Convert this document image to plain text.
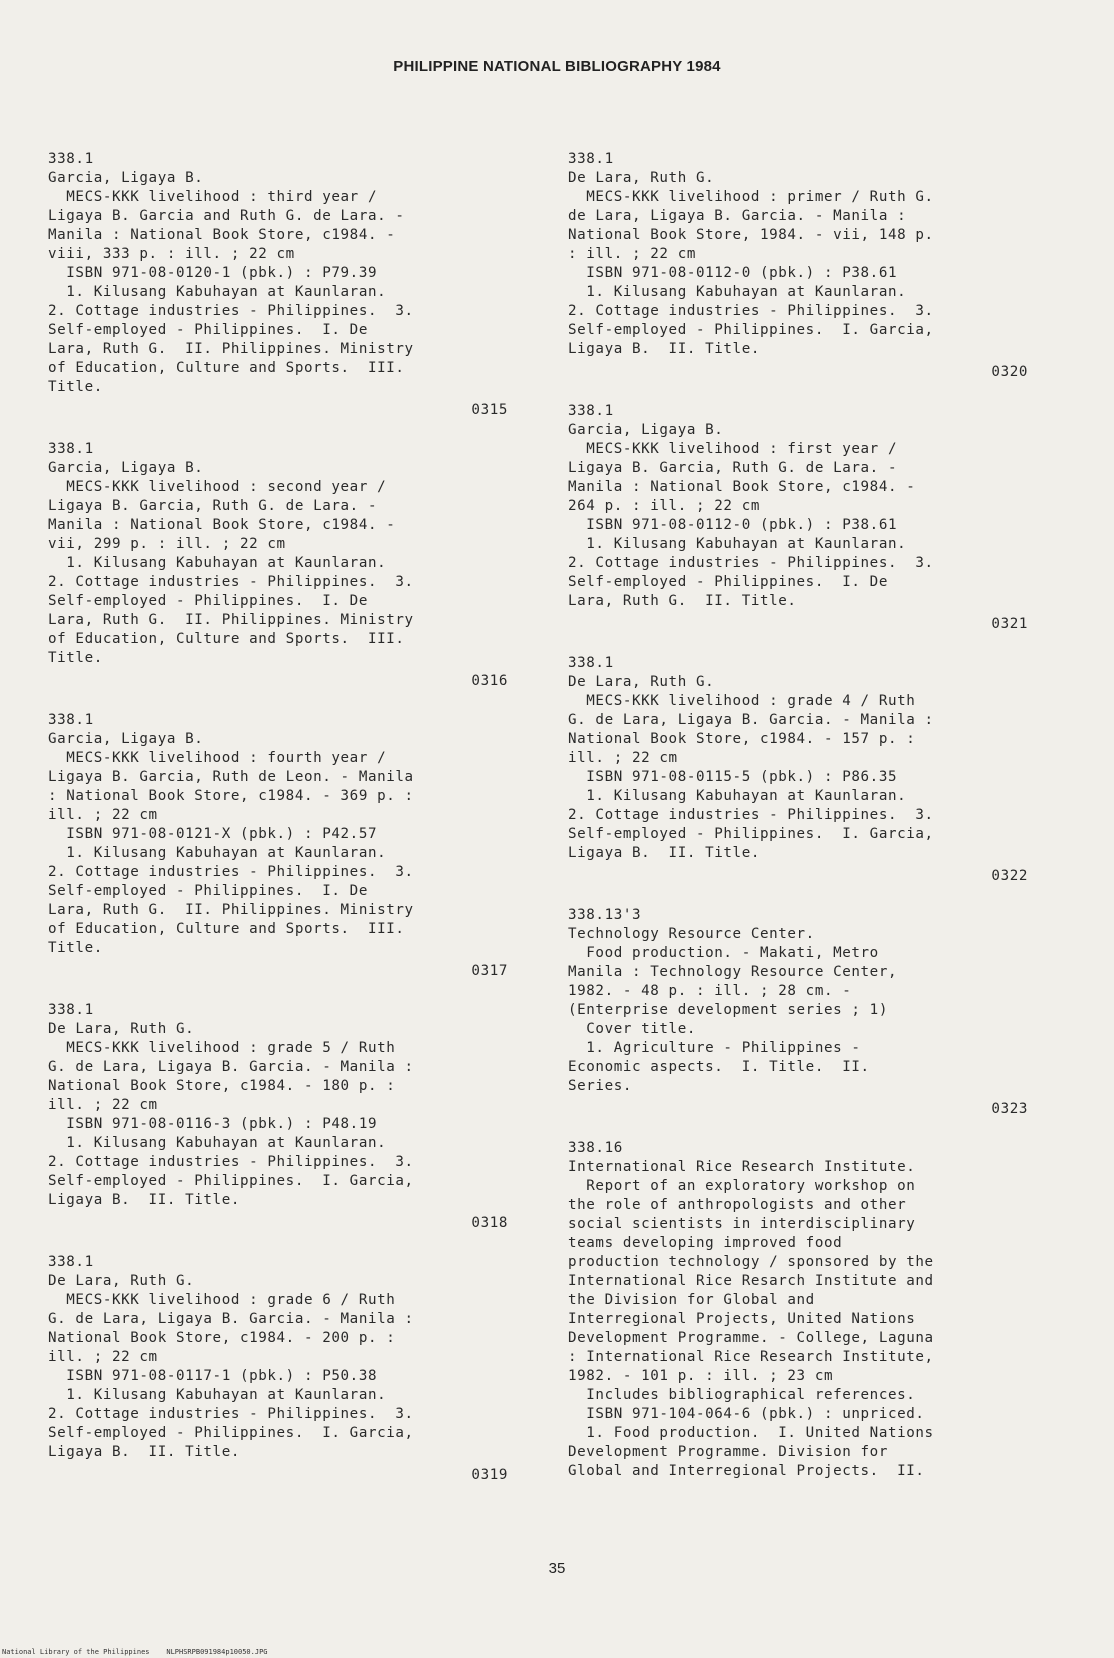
PHILIPPINE NATIONAL BIBLIOGRAPHY 1984
338.1
Garcia, Ligaya B.
MECS-KKK livelihood : third year /
Ligaya B. Garcia and Ruth G. de Lara. -
Manila : National Book Store, c1984. -
viii, 333 p. : ill. ; 22 cm
ISBN 971-08-0120-1 (pbk.) : P79.39
1. Kilusang Kabuhayan at Kaunlaran.
2. Cottage industries - Philippines.  3.
Self-employed - Philippines.  I. De
Lara, Ruth G.  II. Philippines. Ministry
of Education, Culture and Sports.  III.
Title.
0315
338.1
Garcia, Ligaya B.
MECS-KKK livelihood : second year /
Ligaya B. Garcia, Ruth G. de Lara. -
Manila : National Book Store, c1984. -
vii, 299 p. : ill. ; 22 cm
1. Kilusang Kabuhayan at Kaunlaran.
2. Cottage industries - Philippines.  3.
Self-employed - Philippines.  I. De
Lara, Ruth G.  II. Philippines. Ministry
of Education, Culture and Sports.  III.
Title.
0316
338.1
Garcia, Ligaya B.
MECS-KKK livelihood : fourth year /
Ligaya B. Garcia, Ruth de Leon. - Manila
: National Book Store, c1984. - 369 p. :
ill. ; 22 cm
ISBN 971-08-0121-X (pbk.) : P42.57
1. Kilusang Kabuhayan at Kaunlaran.
2. Cottage industries - Philippines.  3.
Self-employed - Philippines.  I. De
Lara, Ruth G.  II. Philippines. Ministry
of Education, Culture and Sports.  III.
Title.
0317
338.1
De Lara, Ruth G.
MECS-KKK livelihood : grade 5 / Ruth
G. de Lara, Ligaya B. Garcia. - Manila :
National Book Store, c1984. - 180 p. :
ill. ; 22 cm
ISBN 971-08-0116-3 (pbk.) : P48.19
1. Kilusang Kabuhayan at Kaunlaran.
2. Cottage industries - Philippines.  3.
Self-employed - Philippines.  I. Garcia,
Ligaya B.  II. Title.
0318
338.1
De Lara, Ruth G.
MECS-KKK livelihood : grade 6 / Ruth
G. de Lara, Ligaya B. Garcia. - Manila :
National Book Store, c1984. - 200 p. :
ill. ; 22 cm
ISBN 971-08-0117-1 (pbk.) : P50.38
1. Kilusang Kabuhayan at Kaunlaran.
2. Cottage industries - Philippines.  3.
Self-employed - Philippines.  I. Garcia,
Ligaya B.  II. Title.
0319
338.1
De Lara, Ruth G.
MECS-KKK livelihood : primer / Ruth G.
de Lara, Ligaya B. Garcia. - Manila :
National Book Store, 1984. - vii, 148 p.
: ill. ; 22 cm
ISBN 971-08-0112-0 (pbk.) : P38.61
1. Kilusang Kabuhayan at Kaunlaran.
2. Cottage industries - Philippines.  3.
Self-employed - Philippines.  I. Garcia,
Ligaya B.  II. Title.
0320
338.1
Garcia, Ligaya B.
MECS-KKK livelihood : first year /
Ligaya B. Garcia, Ruth G. de Lara. -
Manila : National Book Store, c1984. -
264 p. : ill. ; 22 cm
ISBN 971-08-0112-0 (pbk.) : P38.61
1. Kilusang Kabuhayan at Kaunlaran.
2. Cottage industries - Philippines.  3.
Self-employed - Philippines.  I. De
Lara, Ruth G.  II. Title.
0321
338.1
De Lara, Ruth G.
MECS-KKK livelihood : grade 4 / Ruth
G. de Lara, Ligaya B. Garcia. - Manila :
National Book Store, c1984. - 157 p. :
ill. ; 22 cm
ISBN 971-08-0115-5 (pbk.) : P86.35
1. Kilusang Kabuhayan at Kaunlaran.
2. Cottage industries - Philippines.  3.
Self-employed - Philippines.  I. Garcia,
Ligaya B.  II. Title.
0322
338.13'3
Technology Resource Center.
Food production. - Makati, Metro
Manila : Technology Resource Center,
1982. - 48 p. : ill. ; 28 cm. -
(Enterprise development series ; 1)
Cover title.
1. Agriculture - Philippines -
Economic aspects.  I. Title.  II.
Series.
0323
338.16
International Rice Research Institute.
Report of an exploratory workshop on
the role of anthropologists and other
social scientists in interdisciplinary
teams developing improved food
production technology / sponsored by the
International Rice Resarch Institute and
the Division for Global and
Interregional Projects, United Nations
Development Programme. - College, Laguna
: International Rice Research Institute,
1982. - 101 p. : ill. ; 23 cm
Includes bibliographical references.
ISBN 971-104-064-6 (pbk.) : unpriced.
1. Food production.  I. United Nations
Development Programme. Division for
Global and Interregional Projects.  II.
35
National Library of the Philippines    NLPHSRPB091984p10050.JPG
